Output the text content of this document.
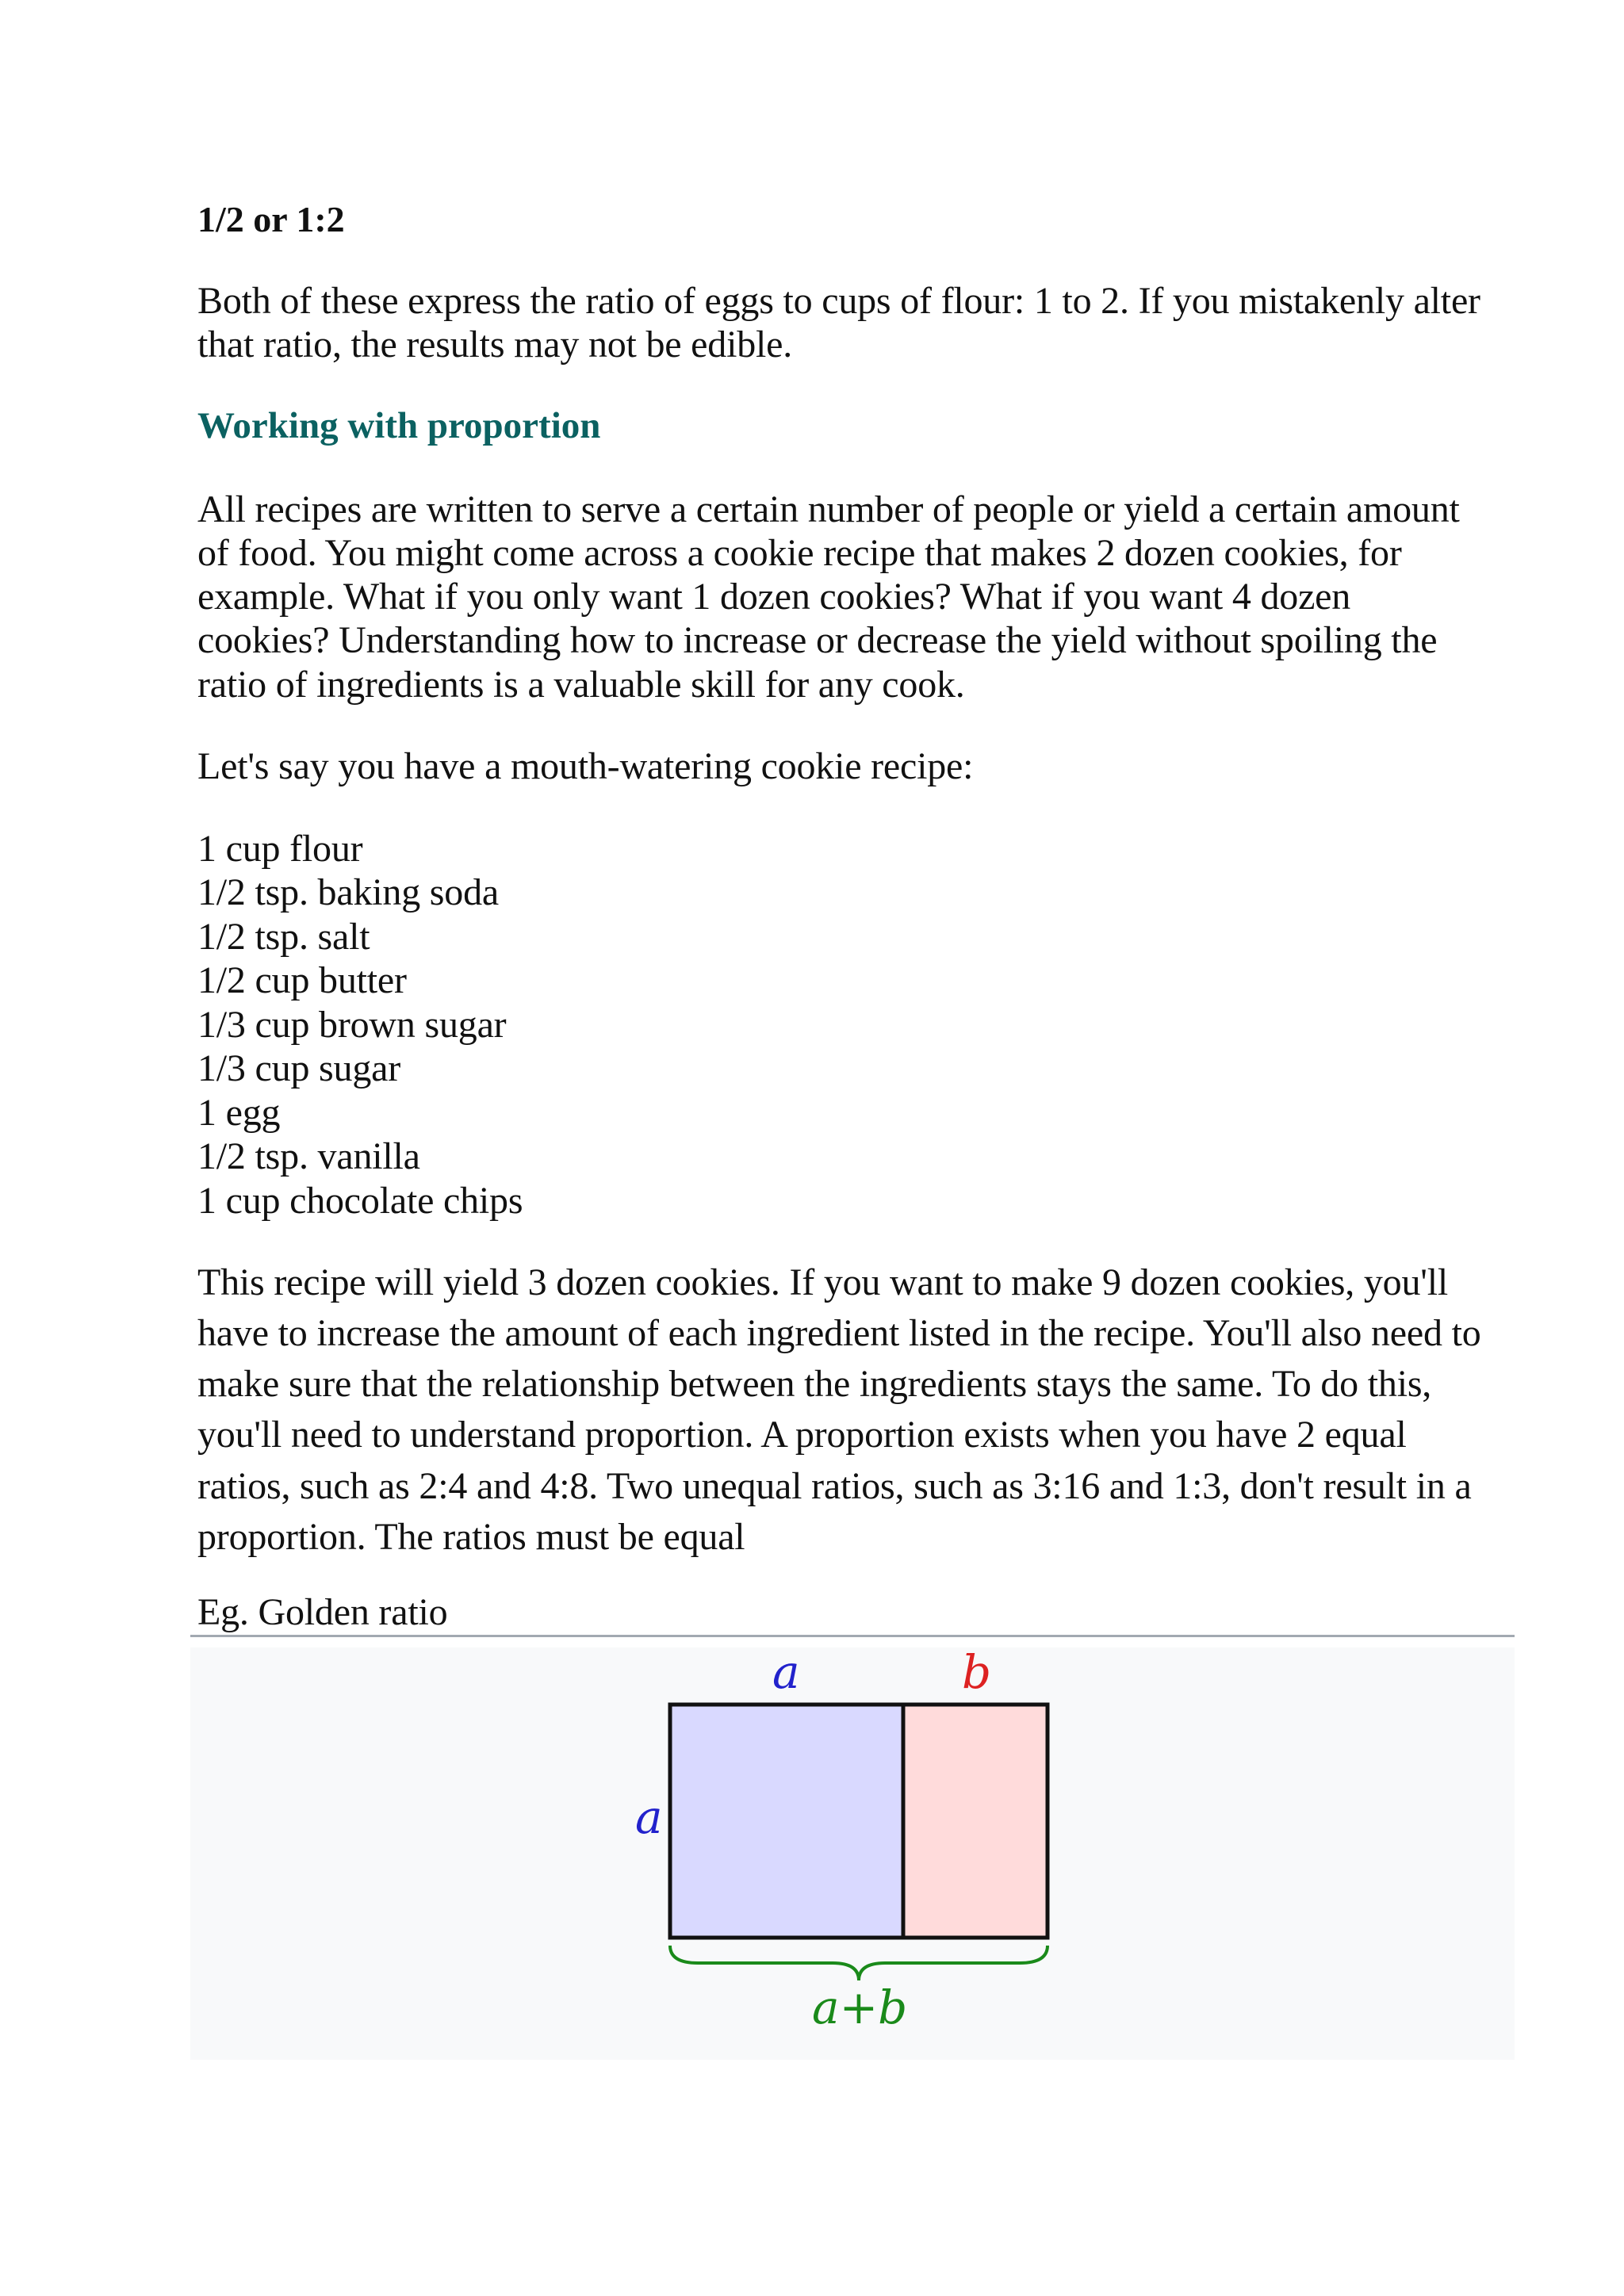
1/2 or 1:2

Both of these express the ratio of eggs to cups of flour: 1 to 2. If you mistakenly alter

that ratio, the results may not be edible.

Working with proportion

All recipes are written to serve a certain number of people or yield a certain amount

of food. You might come across a cookie recipe that makes 2 dozen cookies, for

example. What if you only want 1 dozen cookies? What if you want 4 dozen

cookies? Understanding how to increase or decrease the yield without spoiling the

ratio of ingredients is a valuable skill for any cook.

Let's say you have a mouth-watering cookie recipe:

1 cup flour

1/2 tsp. baking soda

1/2 tsp. salt

1/2 cup butter

1/3 cup brown sugar

1/3 cup sugar

1 egg

1/2 tsp. vanilla

1 cup chocolate chips

This recipe will yield 3 dozen cookies. If you want to make 9 dozen cookies, you'll

have to increase the amount of each ingredient listed in the recipe. You'll also need to

make sure that the relationship between the ingredients stays the same. To do this,

you'll need to understand proportion. A proportion exists when you have 2 equal

ratios, such as 2:4 and 4:8. Two unequal ratios, such as 3:16 and 1:3, don't result in a

proportion. The ratios must be equal

Eg. Golden ratio

a	b
a
a+b
